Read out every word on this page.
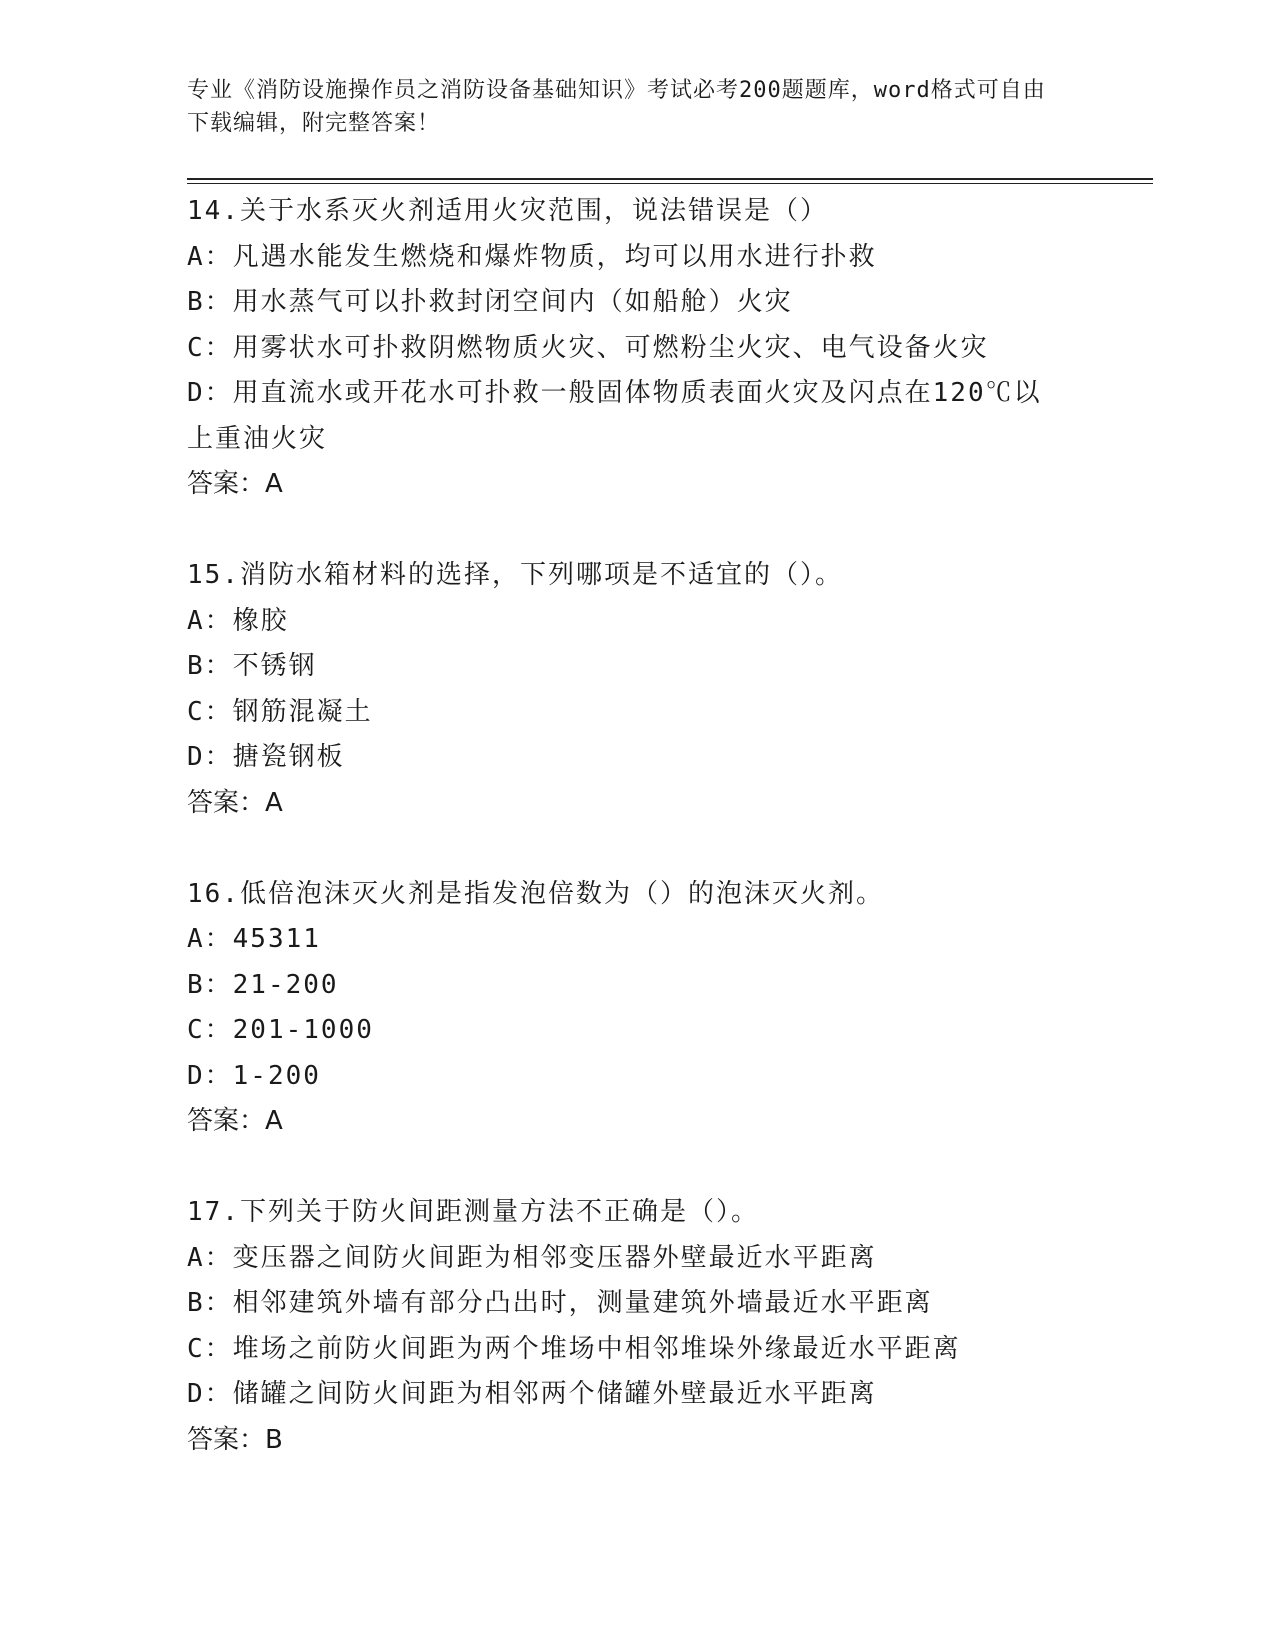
专业《消防设施操作员之消防设备基础知识》考试必考200题题库，word格式可自由下载编辑，附完整答案！
14.关于水系灭火剂适用火灾范围，说法错误是（）
A：凡遇水能发生燃烧和爆炸物质，均可以用水进行扑救
B：用水蒸气可以扑救封闭空间内（如船舱）火灾
C：用雾状水可扑救阴燃物质火灾、可燃粉尘火灾、电气设备火灾
D：用直流水或开花水可扑救一般固体物质表面火灾及闪点在120℃以上重油火灾
答案：A
15.消防水箱材料的选择，下列哪项是不适宜的（）。
A：橡胶
B：不锈钢
C：钢筋混凝土
D：搪瓷钢板
答案：A
16.低倍泡沫灭火剂是指发泡倍数为（）的泡沫灭火剂。
A：45311
B：21-200
C：201-1000
D：1-200
答案：A
17.下列关于防火间距测量方法不正确是（）。
A：变压器之间防火间距为相邻变压器外壁最近水平距离
B：相邻建筑外墙有部分凸出时，测量建筑外墙最近水平距离
C：堆场之前防火间距为两个堆场中相邻堆垛外缘最近水平距离
D：储罐之间防火间距为相邻两个储罐外壁最近水平距离
答案：B
